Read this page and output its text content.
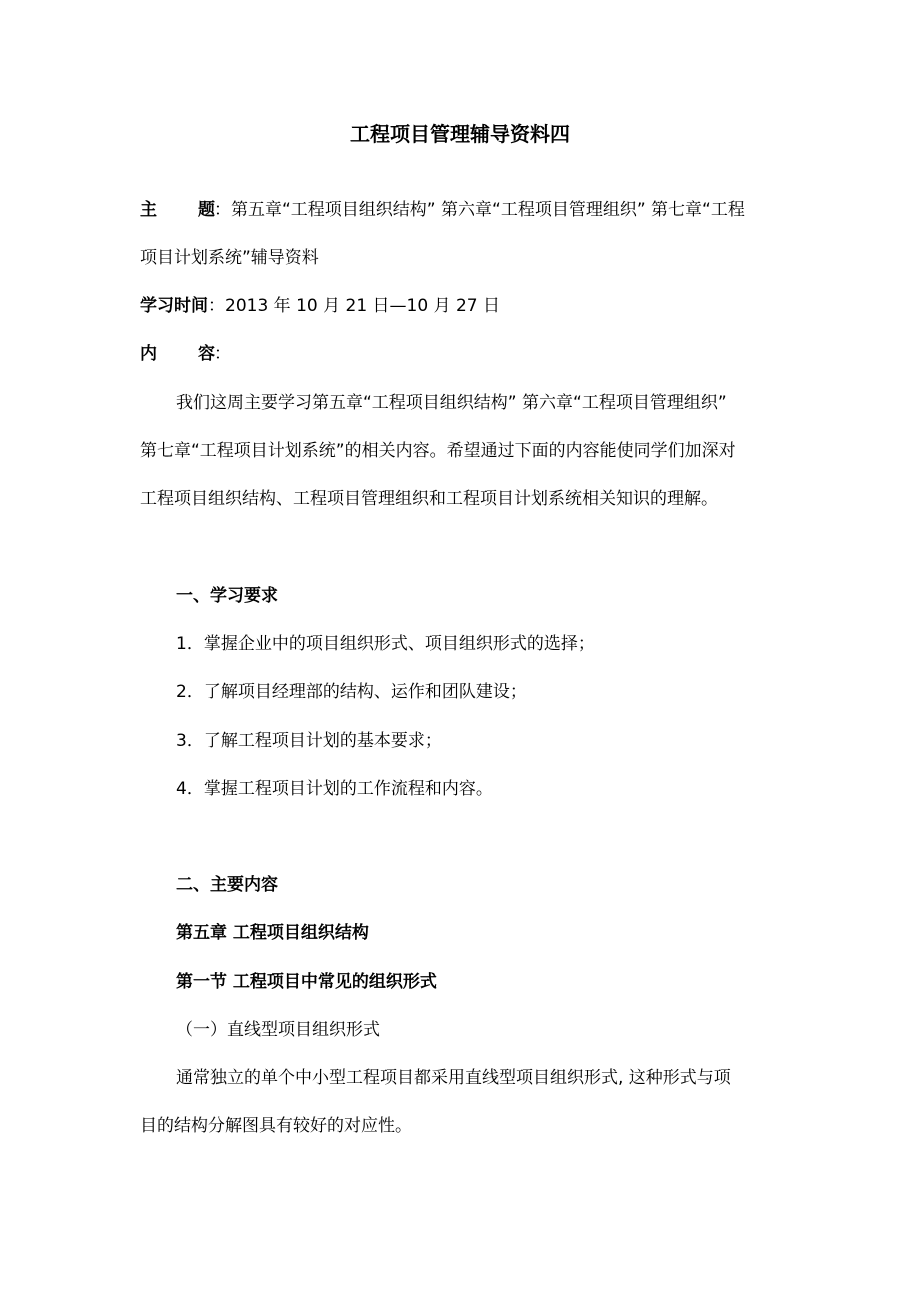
工程项目管理辅导资料四
主 题：第五章“工程项目组织结构” 第六章“工程项目管理组织” 第七章“工程
项目计划系统”辅导资料
学习时间：2013 年 10 月 21 日—10 月 27 日
内 容：
我们这周主要学习第五章“工程项目组织结构” 第六章“工程项目管理组织”
第七章“工程项目计划系统”的相关内容。希望通过下面的内容能使同学们加深对
工程项目组织结构、工程项目管理组织和工程项目计划系统相关知识的理解。
一、学习要求
1．掌握企业中的项目组织形式、项目组织形式的选择；
2．了解项目经理部的结构、运作和团队建设；
3．了解工程项目计划的基本要求；
4．掌握工程项目计划的工作流程和内容。
二、主要内容
第五章 工程项目组织结构
第一节 工程项目中常见的组织形式
（一）直线型项目组织形式
通常独立的单个中小型工程项目都采用直线型项目组织形式, 这种形式与项
目的结构分解图具有较好的对应性。
